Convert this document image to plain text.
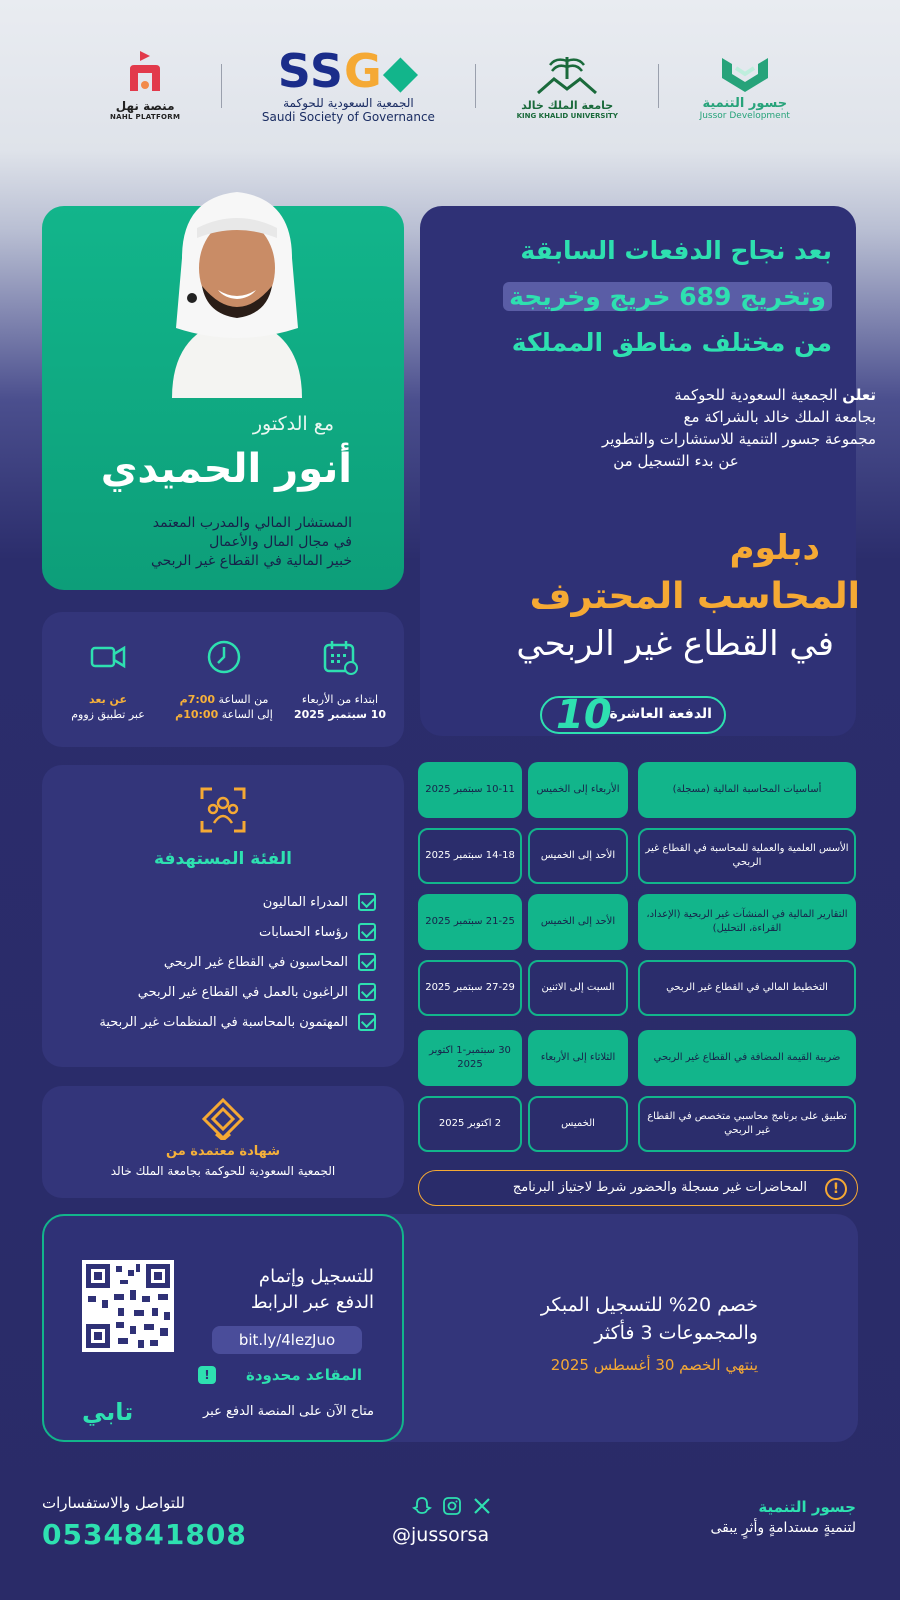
منصة نهل
NAHL PLATFORM
SSG◆
الجمعية السعودية للحوكمة
Saudi Society of Governance
جامعة الملك خالد
KING KHALID UNIVERSITY
جسور التنمية
Jussor Development
مع الدكتور
أنور الحميدي
المستشار المالي والمدرب المعتمد
في مجال المال والأعمال
خبير المالية في القطاع غير الربحي
ابتداء من الأربعاء
10 سبتمبر 2025
من الساعة 7:00م
إلى الساعة 10:00م
عن بعد
عبر تطبيق زووم
الفئة المستهدفة
المدراء الماليون
رؤساء الحسابات
المحاسبون في القطاع غير الربحي
الراغبون بالعمل في القطاع غير الربحي
المهتمون بالمحاسبة في المنظمات غير الربحية
شهادة معتمدة من
الجمعية السعودية للحوكمة بجامعة الملك خالد
بعد نجاح الدفعات السابقة
وتخريج 689 خريج وخريجة
من مختلف مناطق المملكة
تعلن الجمعية السعودية للحوكمة
بجامعة الملك خالد بالشراكة مع
مجموعة جسور التنمية للاستشارات والتطوير
عن بدء التسجيل من
دبلوم
المحاسب المحترف
في القطاع غير الربحي
الدفعة العاشرة
10
أساسيات المحاسبة المالية (مسجلة)
الأربعاء إلى الخميس
10-11 سبتمبر 2025
الأسس العلمية والعملية للمحاسبة في القطاع غير الربحي
الأحد إلى الخميس
14-18 سبتمبر 2025
التقارير المالية في المنشآت غير الربحية (الإعداد، القراءة، التحليل)
الأحد إلى الخميس
21-25 سبتمبر 2025
التخطيط المالي في القطاع غير الربحي
السبت إلى الاثنين
27-29 سبتمبر 2025
ضريبة القيمة المضافة في القطاع غير الربحي
الثلاثاء إلى الأربعاء
30 سبتمبر-1 اكتوبر 2025
تطبيق على برنامج محاسبي متخصص في القطاع غير الربحي
الخميس
2 اكتوبر 2025
!
المحاضرات غير مسجلة والحضور شرط لاجتياز البرنامج
للتسجيل وإتمام
الدفع عبر الرابط
bit.ly/4lezJuo
!	المقاعد محدودة
متاح الآن على المنصة الدفع عبر
تابي
خصم 20% للتسجيل المبكر
والمجموعات 3 فأكثر
ينتهي الخصم 30 أغسطس 2025
جسور التنمية
لتنميةٍ مستدامةٍ وأثرٍ يبقى
@jussorsa
للتواصل والاستفسارات
0534841808
